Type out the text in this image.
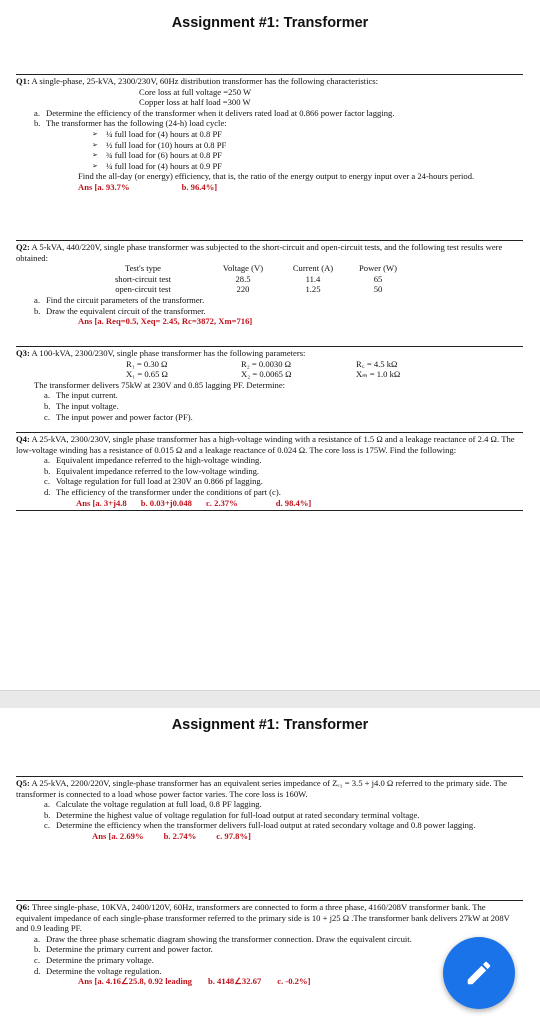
Assignment #1: Transformer
Q1: A single-phase, 25-kVA, 2300/230V, 60Hz distribution transformer has the following characteristics:
Core loss at full voltage =250 W
Copper loss at half load =300 W
a. Determine the efficiency of the transformer when it delivers rated load at 0.866 power factor lagging.
b. The transformer has the following (24-h) load cycle:
➢ ¼ full load for (4) hours at 0.8 PF
➢ ½ full load for (10) hours at 0.8 PF
➢ ¾ full load for (6) hours at 0.8 PF
➢ ¼ full load for (4) hours at 0.9 PF
Find the all-day (or energy) efficiency, that is, the ratio of the energy output to energy input over a 24-hours period.
Ans [a. 93.7%	b. 96.4%]
Q2: A 5-kVA, 440/220V, single phase transformer was subjected to the short-circuit and open-circuit tests, and the following test results were obtained:
Test's type	Voltage (V)	Current (A)	Power (W)
short-circuit test	28.5	11.4	65
open-circuit test	220	1.25	50
a. Find the circuit parameters of the transformer.
b. Draw the equivalent circuit of the transformer.
Ans [a. Req=0.5, Xeq= 2.45, Rc=3872, Xm=716]
Q3: A 100-kVA, 2300/230V, single phase transformer has the following parameters:
R₁ = 0.30 Ω	R₂ = 0.0030 Ω	R꜀ = 4.5 kΩ
X₁ = 0.65 Ω	X₂ = 0.0065 Ω	Xₘ = 1.0 kΩ
The transformer delivers 75kW at 230V and 0.85 lagging PF. Determine:
a. The input current.
b. The input voltage.
c. The input power and power factor (PF).
Q4: A 25-kVA, 2300/230V, single phase transformer has a high-voltage winding with a resistance of 1.5 Ω and a leakage reactance of 2.4 Ω. The low-voltage winding has a resistance of 0.015 Ω and a leakage reactance of 0.024 Ω. The core loss is 175W. Find the following:
a. Equivalent impedance referred to the high-voltage winding.
b. Equivalent impedance referred to the low-voltage winding.
c. Voltage regulation for full load at 230V an 0.866 pf lagging.
d. The efficiency of the transformer under the conditions of part (c).
Ans [a. 3+j4.8 b. 0.03+j0.048 c. 2.37%	d. 98.4%]
Assignment #1: Transformer
Q5: A 25-kVA, 2200/220V, single-phase transformer has an equivalent series impedance of Zₑ₁ = 3.5 + j4.0 Ω referred to the primary side. The transformer is connected to a load whose power factor varies. The core loss is 160W.
a. Calculate the voltage regulation at full load, 0.8 PF lagging.
b. Determine the highest value of voltage regulation for full-load output at rated secondary terminal voltage.
c. Determine the efficiency when the transformer delivers full-load output at rated secondary voltage and 0.8 power lagging.
Ans [a. 2.69% b. 2.74% c. 97.8%]
Q6: Three single-phase, 10KVA, 2400/120V, 60Hz, transformers are connected to form a three phase, 4160/208V transformer bank. The equivalent impedance of each single-phase transformer referred to the primary side is 10 + j25 Ω .The transformer bank delivers 27kW at 208V and 0.9 leading PF.
a. Draw the three phase schematic diagram showing the transformer connection. Draw the equivalent circuit.
b. Determine the primary current and power factor.
c. Determine the primary voltage.
d. Determine the voltage regulation.
Ans [a. 4.16∠25.8, 0.92 leading b. 4148∠32.67 c. -0.2%]
